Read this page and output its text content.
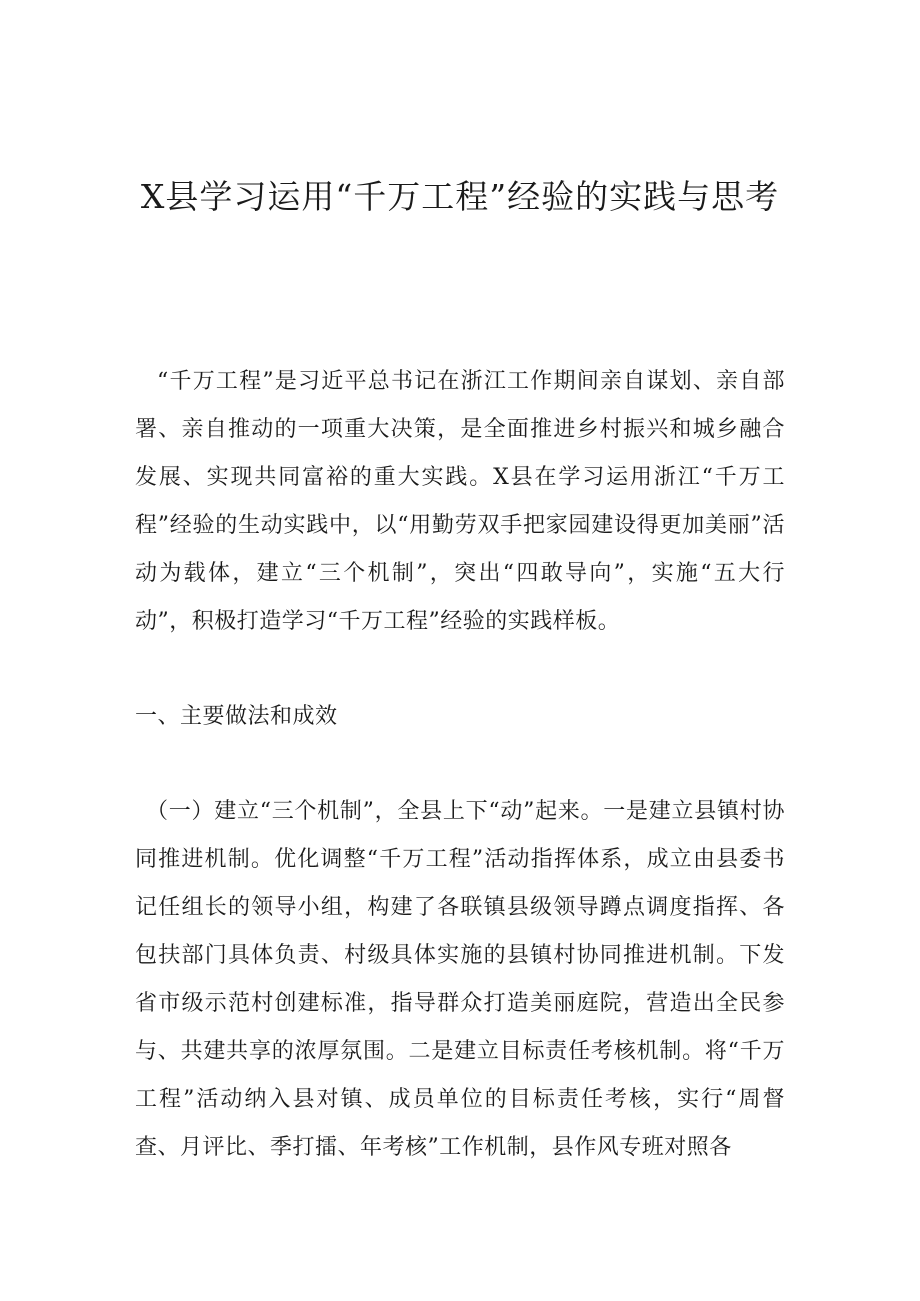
X县学习运用“千万工程”经验的实践与思考

“千万工程”是习近平总书记在浙江工作期间亲自谋划、亲自部署、亲自推动的一项重大决策，是全面推进乡村振兴和城乡融合发展、实现共同富裕的重大实践。X县在学习运用浙江“千万工程”经验的生动实践中，以“用勤劳双手把家园建设得更加美丽”活动为载体，建立“三个机制”，突出“四敢导向”，实施“五大行动”，积极打造学习“千万工程”经验的实践样板。

一、主要做法和成效

（一）建立“三个机制”，全县上下“动”起来。一是建立县镇村协同推进机制。优化调整“千万工程”活动指挥体系，成立由县委书记任组长的领导小组，构建了各联镇县级领导蹲点调度指挥、各包扶部门具体负责、村级具体实施的县镇村协同推进机制。下发省市级示范村创建标准，指导群众打造美丽庭院，营造出全民参与、共建共享的浓厚氛围。二是建立目标责任考核机制。将“千万工程”活动纳入县对镇、成员单位的目标责任考核，实行“周督查、月评比、季打擂、年考核”工作机制，县作风专班对照各
